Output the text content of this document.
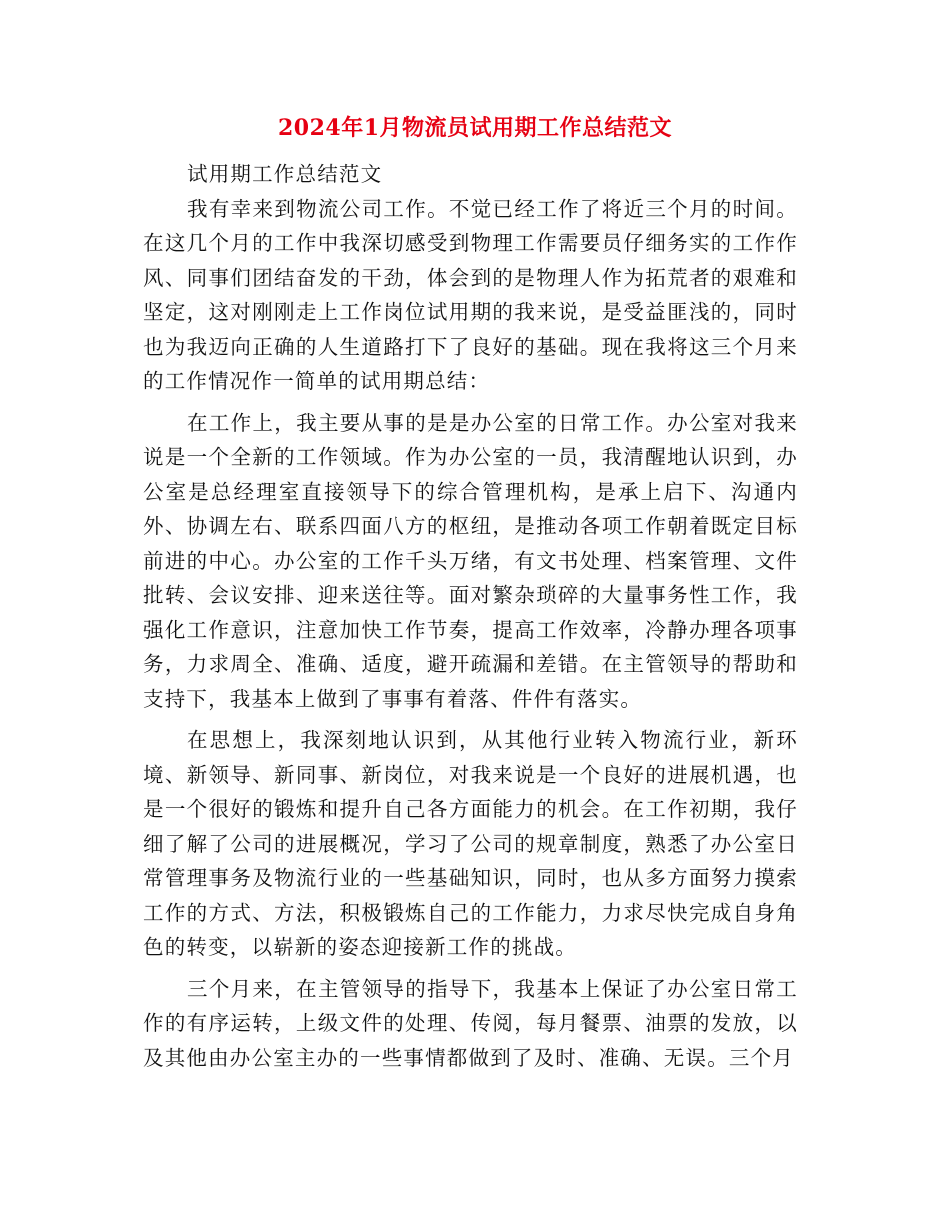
2024年1月物流员试用期工作总结范文

试用期工作总结范文

我有幸来到物流公司工作。不觉已经工作了将近三个月的时间。在这几个月的工作中我深切感受到物理工作需要员仔细务实的工作作风、同事们团结奋发的干劲，体会到的是物理人作为拓荒者的艰难和坚定，这对刚刚走上工作岗位试用期的我来说，是受益匪浅的，同时也为我迈向正确的人生道路打下了良好的基础。现在我将这三个月来的工作情况作一简单的试用期总结：

在工作上，我主要从事的是是办公室的日常工作。办公室对我来说是一个全新的工作领域。作为办公室的一员，我清醒地认识到，办公室是总经理室直接领导下的综合管理机构，是承上启下、沟通内外、协调左右、联系四面八方的枢纽，是推动各项工作朝着既定目标前进的中心。办公室的工作千头万绪，有文书处理、档案管理、文件批转、会议安排、迎来送往等。面对繁杂琐碎的大量事务性工作，我强化工作意识，注意加快工作节奏，提高工作效率，冷静办理各项事务，力求周全、准确、适度，避开疏漏和差错。在主管领导的帮助和支持下，我基本上做到了事事有着落、件件有落实。

在思想上，我深刻地认识到，从其他行业转入物流行业，新环境、新领导、新同事、新岗位，对我来说是一个良好的进展机遇，也是一个很好的锻炼和提升自己各方面能力的机会。在工作初期，我仔细了解了公司的进展概况，学习了公司的规章制度，熟悉了办公室日常管理事务及物流行业的一些基础知识，同时，也从多方面努力摸索工作的方式、方法，积极锻炼自己的工作能力，力求尽快完成自身角色的转变，以崭新的姿态迎接新工作的挑战。

三个月来，在主管领导的指导下，我基本上保证了办公室日常工作的有序运转，上级文件的处理、传阅，每月餐票、油票的发放，以及其他由办公室主办的一些事情都做到了及时、准确、无误。三个月
